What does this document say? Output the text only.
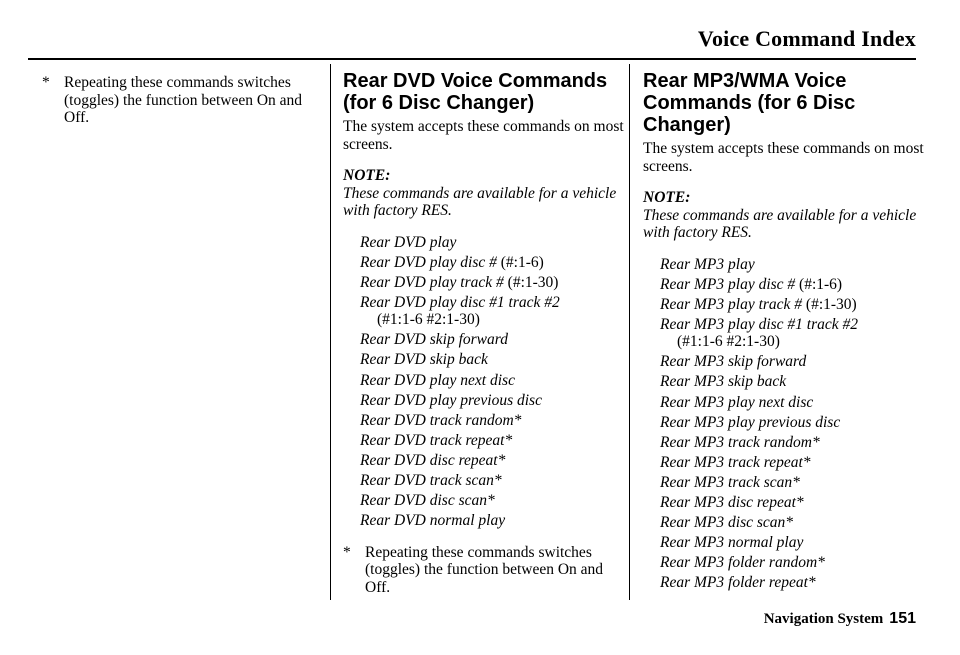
Voice Command Index
* Repeating these commands switches (toggles) the function between On and Off.
Rear DVD Voice Commands (for 6 Disc Changer)
The system accepts these commands on most screens.
NOTE:
These commands are available for a vehicle with factory RES.
Rear DVD play
Rear DVD play disc # (#:1-6)
Rear DVD play track # (#:1-30)
Rear DVD play disc #1 track #2
(#1:1-6 #2:1-30)
Rear DVD skip forward
Rear DVD skip back
Rear DVD play next disc
Rear DVD play previous disc
Rear DVD track random*
Rear DVD track repeat*
Rear DVD disc repeat*
Rear DVD track scan*
Rear DVD disc scan*
Rear DVD normal play
* Repeating these commands switches (toggles) the function between On and Off.
Rear MP3/WMA Voice Commands (for 6 Disc Changer)
The system accepts these commands on most screens.
NOTE:
These commands are available for a vehicle with factory RES.
Rear MP3 play
Rear MP3 play disc # (#:1-6)
Rear MP3 play track # (#:1-30)
Rear MP3 play disc #1 track #2
(#1:1-6 #2:1-30)
Rear MP3 skip forward
Rear MP3 skip back
Rear MP3 play next disc
Rear MP3 play previous disc
Rear MP3 track random*
Rear MP3 track repeat*
Rear MP3 track scan*
Rear MP3 disc repeat*
Rear MP3 disc scan*
Rear MP3 normal play
Rear MP3 folder random*
Rear MP3 folder repeat*
Navigation System 151
